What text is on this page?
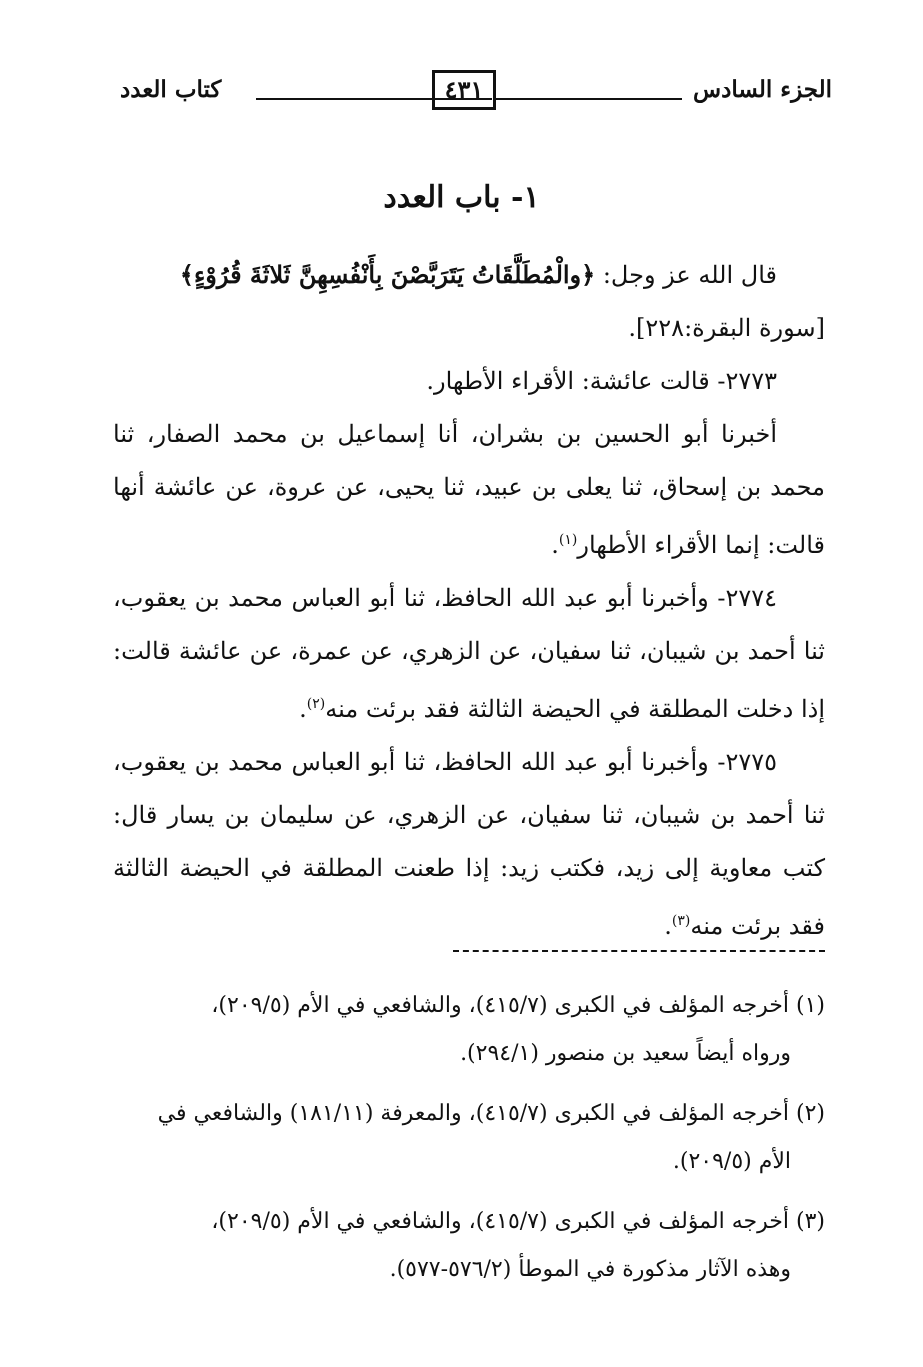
الجزء السادس
٤٣١
كتاب العدد
١- باب العدد

قال الله عز وجل: ﴿والْمُطَلَّقَاتُ يَتَرَبَّصْنَ بِأَنْفُسِهِنَّ ثَلاثَةَ قُرُوْءٍ﴾

[سورة البقرة:٢٢٨].

٢٧٧٣- قالت عائشة: الأقراء الأطهار.

أخبرنا أبو الحسين بن بشران، أنا إسماعيل بن محمد الصفار، ثنا محمد بن إسحاق، ثنا يعلى بن عبيد، ثنا يحيى، عن عروة، عن عائشة أنها قالت: إنما الأقراء الأطهار$^{(١)}$.

٢٧٧٤- وأخبرنا أبو عبد الله الحافظ، ثنا أبو العباس محمد بن يعقوب، ثنا أحمد بن شيبان، ثنا سفيان، عن الزهري، عن عمرة، عن عائشة قالت: إذا دخلت المطلقة في الحيضة الثالثة فقد برئت منه$^{(٢)}$.

٢٧٧٥- وأخبرنا أبو عبد الله الحافظ، ثنا أبو العباس محمد بن يعقوب، ثنا أحمد بن شيبان، ثنا سفيان، عن الزهري، عن سليمان بن يسار قال: كتب معاوية إلى زيد، فكتب زيد: إذا طعنت المطلقة في الحيضة الثالثة فقد برئت منه$^{(٣)}$.

(١) أخرجه المؤلف في الكبرى (٤١٥/٧)، والشافعي في الأم (٢٠٩/٥)،
ورواه أيضاً سعيد بن منصور (٢٩٤/١).

(٢) أخرجه المؤلف في الكبرى (٤١٥/٧)، والمعرفة (١٨١/١١) والشافعي في
الأم (٢٠٩/٥).

(٣) أخرجه المؤلف في الكبرى (٤١٥/٧)، والشافعي في الأم (٢٠٩/٥)،
وهذه الآثار مذكورة في الموطأ (٥٧٦/٢-٥٧٧).
